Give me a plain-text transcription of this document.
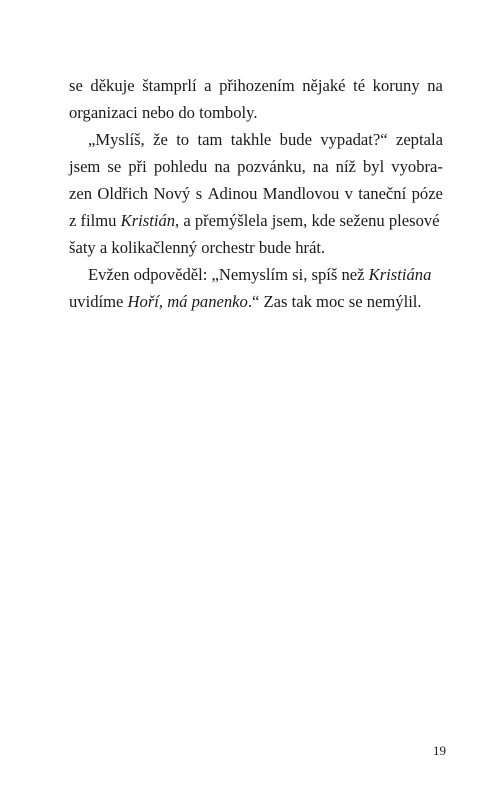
se děkuje štamprlí a přihozením nějaké té koruny na
organizaci nebo do tomboly.
„Myslíš, že to tam takhle bude vypadat?“ zeptala
jsem se při pohledu na pozvánku, na níž byl vyobra-
zen Oldřich Nový s Adinou Mandlovou v taneční póze
z filmu Kristián, a přemýšlela jsem, kde seženu plesové
šaty a kolikačlenný orchestr bude hrát.
Evžen odpověděl: „Nemyslím si, spíš než Kristiána
uvidíme Hoří, má panenko.“ Zas tak moc se nemýlil.
19
